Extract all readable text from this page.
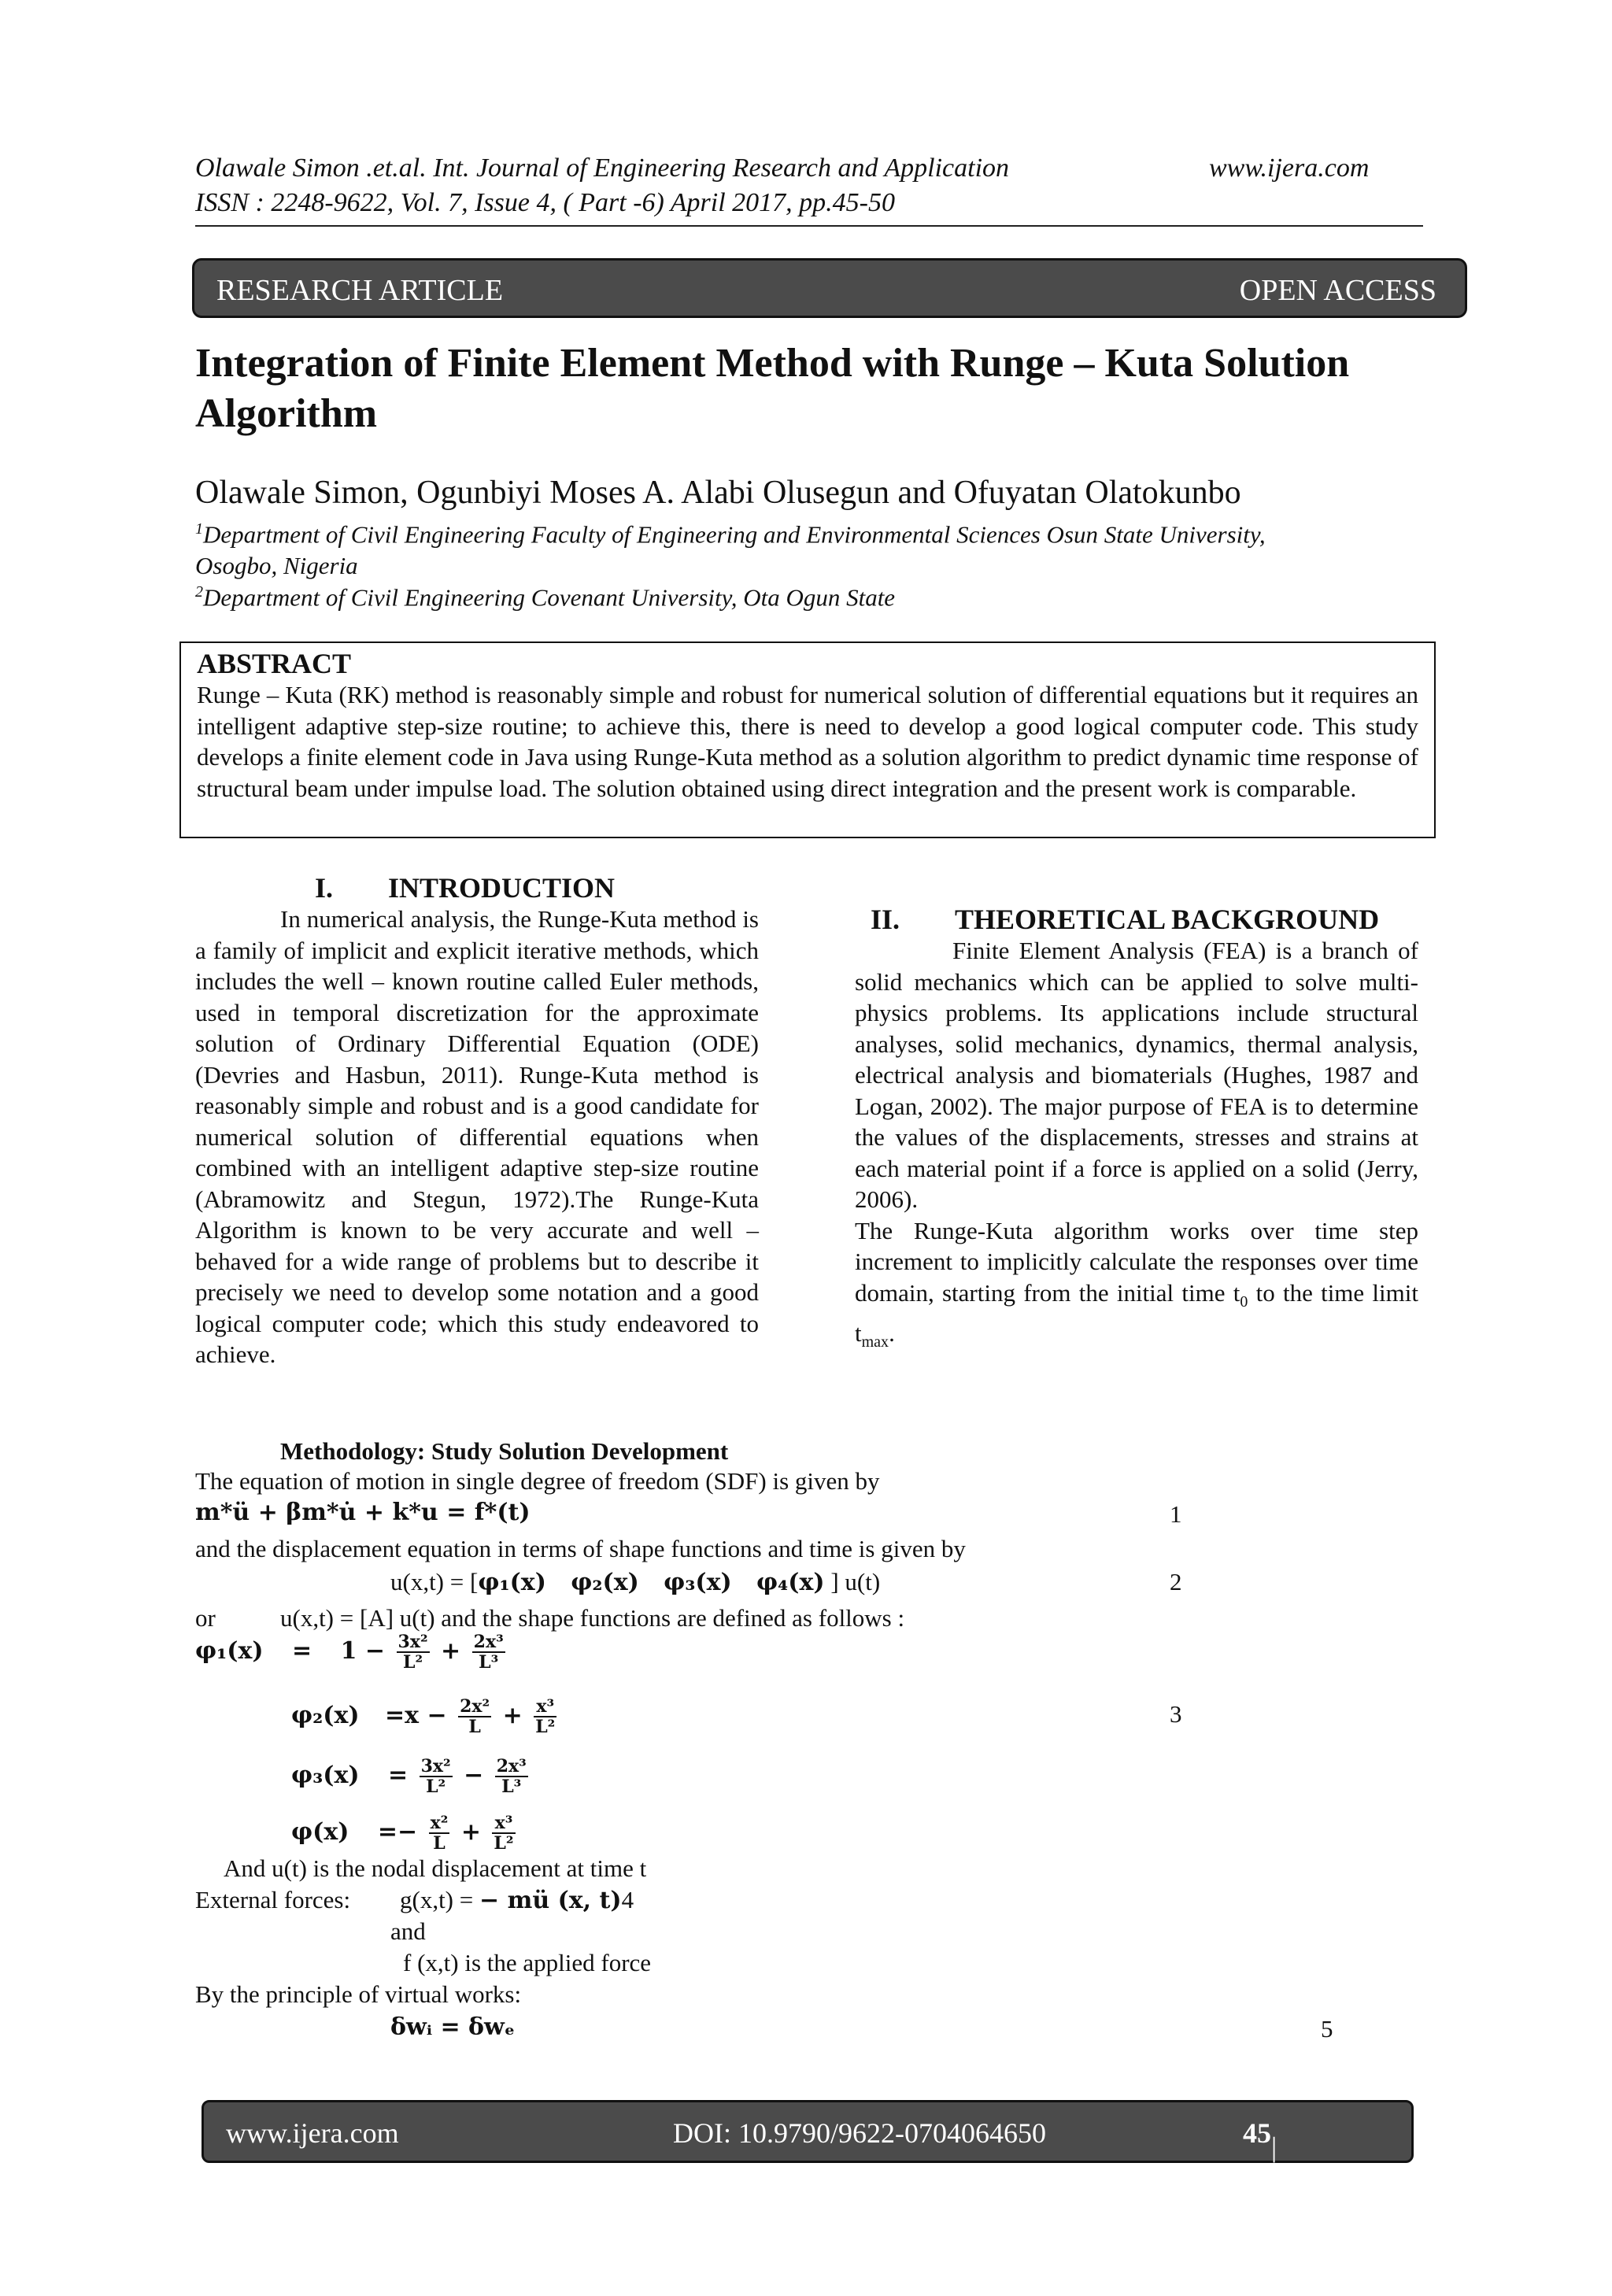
Olawale Simon .et.al. Int. Journal of Engineering Research and Application	www.ijera.com
ISSN : 2248-9622, Vol. 7, Issue 4, ( Part -6) April 2017, pp.45-50
RESEARCH ARTICLE	OPEN ACCESS
Integration of Finite Element Method with Runge – Kuta Solution
Algorithm
Olawale Simon, Ogunbiyi Moses A. Alabi Olusegun and Ofuyatan Olatokunbo
$^1$Department of Civil Engineering Faculty of Engineering and Environmental Sciences Osun State University,
Osogbo, Nigeria
$^2$Department of Civil Engineering Covenant University, Ota Ogun State
ABSTRACT

Runge – Kuta (RK) method is reasonably simple and robust for numerical solution of differential equations but it requires an intelligent adaptive step-size routine; to achieve this, there is need to develop a good logical computer code. This study develops a finite element code in Java using Runge-Kuta method as a solution algorithm to predict dynamic time response of structural beam under impulse load. The solution obtained using direct integration and the present work is comparable.

I. INTRODUCTION

In numerical analysis, the Runge-Kuta method is a family of implicit and explicit iterative methods, which includes the well – known routine called Euler methods, used in temporal discretization for the approximate solution of Ordinary Differential Equation (ODE) (Devries and Hasbun, 2011). Runge-Kuta method is reasonably simple and robust and is a good candidate for numerical solution of differential equations when combined with an intelligent adaptive step-size routine (Abramowitz and Stegun, 1972).The Runge-Kuta Algorithm is known to be very accurate and well – behaved for a wide range of problems but to describe it precisely we need to develop some notation and a good logical computer code; which this study endeavored to achieve.

II. THEORETICAL BACKGROUND

Finite Element Analysis (FEA) is a branch of solid mechanics which can be applied to solve multi-physics problems. Its applications include structural analyses, solid mechanics, dynamics, thermal analysis, electrical analysis and biomaterials (Hughes, 1987 and Logan, 2002). The major purpose of FEA is to determine the values of the displacements, stresses and strains at each material point if a force is applied on a solid (Jerry, 2006).

The Runge-Kuta algorithm works over time step increment to implicitly calculate the responses over time domain, starting from the initial time $t_0$ to the time limit $t_{max}$.

Methodology: Study Solution Development
The equation of motion in single degree of freedom (SDF) is given by
m*ü + βm*u̇ + k*u = f*(t)	1
and the displacement equation in terms of shape functions and time is given by
u(x,t) = [φ₁(x)   φ₂(x)   φ₃(x)   φ₄(x) ] u(t)	2
or	u(x,t) = [A] u(t) and the shape functions are defined as follows :
$\varphi_1(x) = 1 - \frac{\text{3x²}}{\text{L²}} + \frac{\text{2x³}}{\text{L³}}$
$\varphi_2(x) =x - \frac{\text{2x²}}{L} + \frac{\text{x³}}{\text{L²}}$	3
$\varphi_3(x) = \frac{\text{3x²}}{\text{L²}} - \frac{\text{2x³}}{\text{L³}}$
$\varphi(x) =- \frac{\text{x²}}{L} + \frac{\text{x³}}{\text{L²}}$
And u(t) is the nodal displacement at time t
External forces: g(x,t) = − mü (x, t)4
and
f (x,t) is the applied force
By the principle of virtual works:
δwᵢ = δwₑ	5
www.ijera.com	DOI: 10.9790/9622-0704064650	45 | P a g e
